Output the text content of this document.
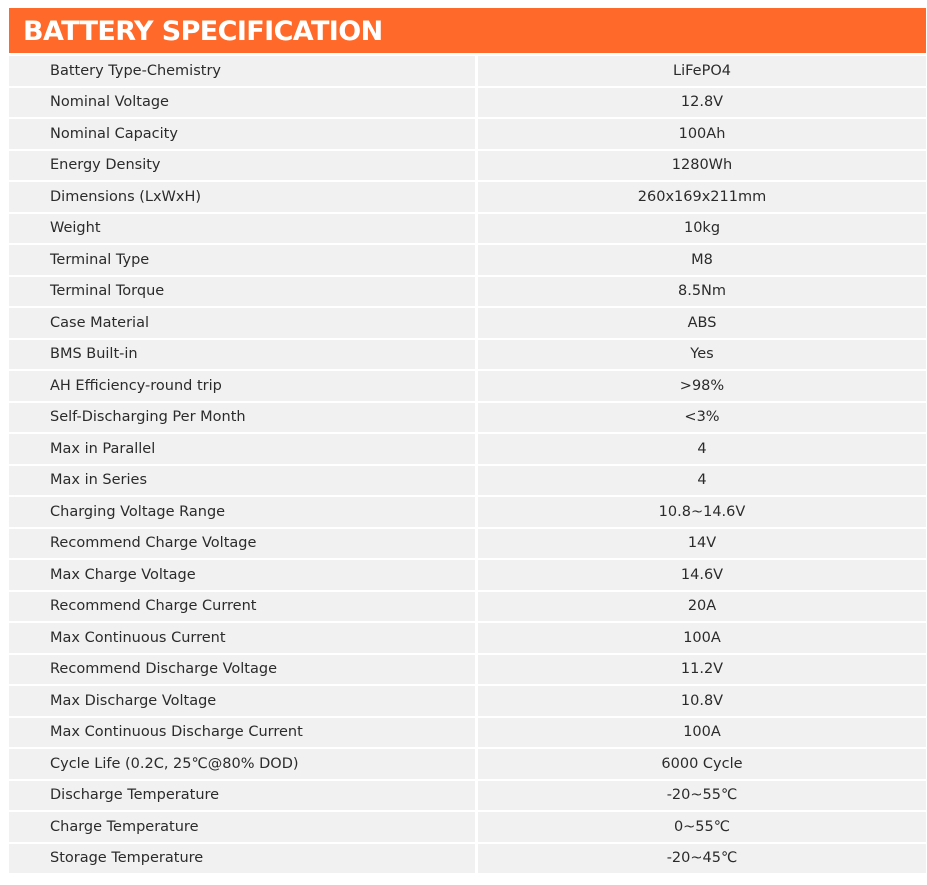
BATTERY SPECIFICATION
Battery Type-Chemistry	LiFePO4
Nominal Voltage	12.8V
Nominal Capacity	100Ah
Energy Density	1280Wh
Dimensions (LxWxH)	260x169x211mm
Weight	10kg
Terminal Type	M8
Terminal Torque	8.5Nm
Case Material	ABS
BMS Built-in	Yes
AH Efficiency-round trip	>98%
Self-Discharging Per Month	<3%
Max in Parallel	4
Max in Series	4
Charging Voltage Range	10.8~14.6V
Recommend Charge Voltage	14V
Max Charge Voltage	14.6V
Recommend Charge Current	20A
Max Continuous Current	100A
Recommend Discharge Voltage	11.2V
Max Discharge Voltage	10.8V
Max Continuous Discharge Current	100A
Cycle Life (0.2C, 25℃@80% DOD)	6000 Cycle
Discharge Temperature	-20~55℃
Charge Temperature	0~55℃
Storage Temperature	-20~45℃
